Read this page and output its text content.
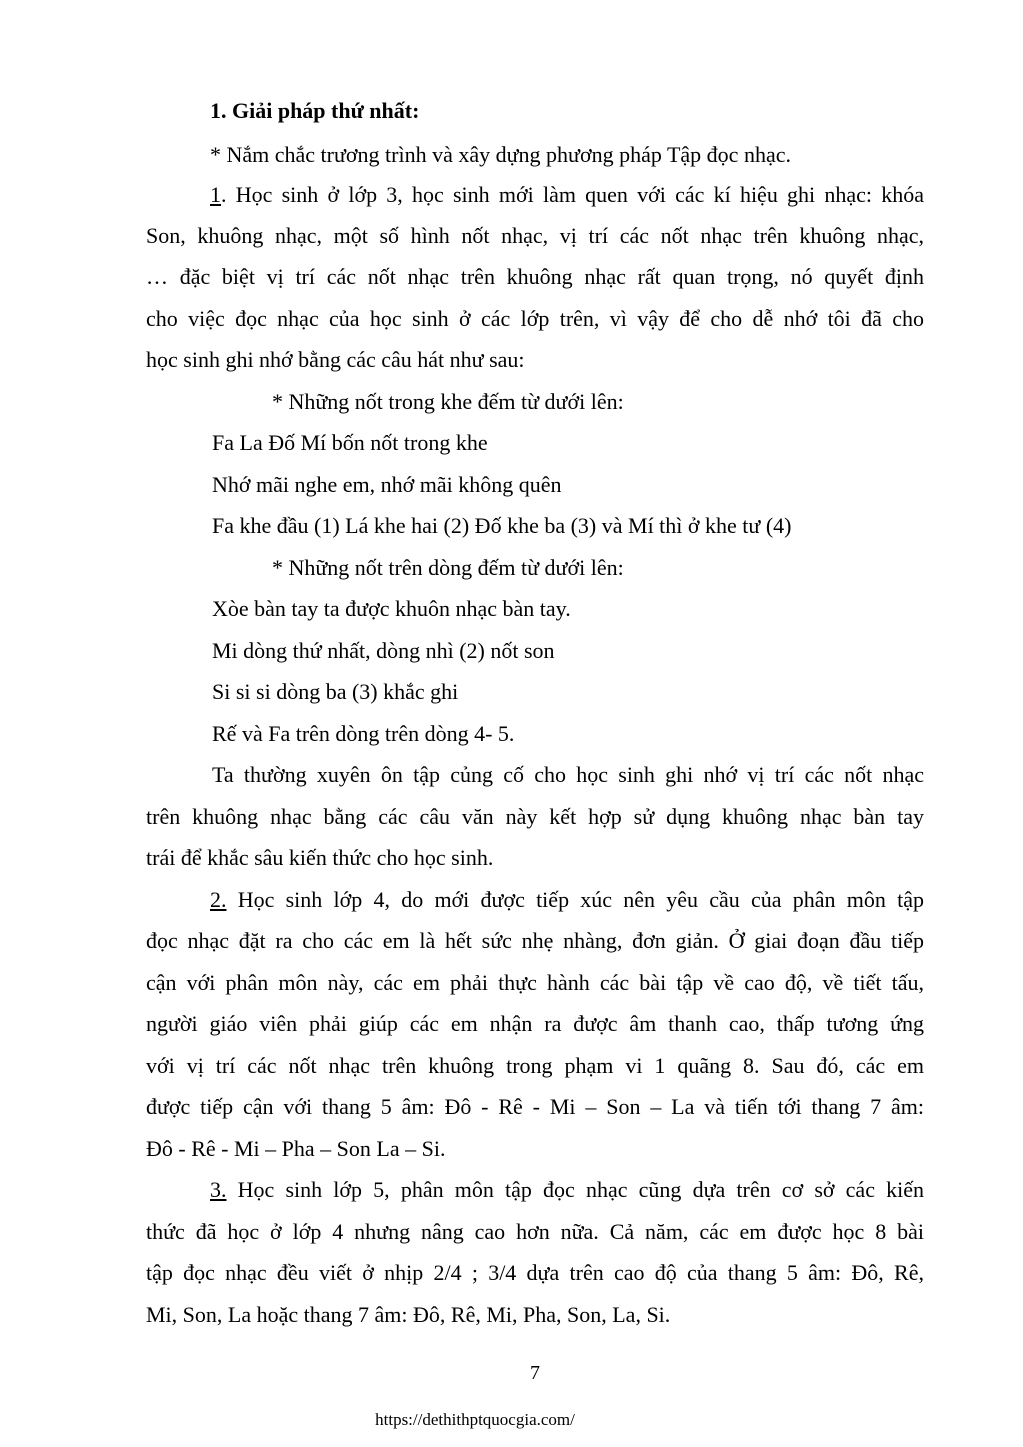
1. Giải pháp thứ nhất:
* Nắm chắc trương trình và xây dựng phương pháp Tập đọc nhạc.
1. Học sinh ở lớp 3, học sinh mới làm quen với các kí hiệu ghi nhạc: khóa
Son, khuông nhạc, một số hình nốt nhạc, vị trí các nốt nhạc trên khuông nhạc,
… đặc biệt vị trí các nốt nhạc trên khuông nhạc rất quan trọng, nó quyết định
cho việc đọc nhạc của học sinh ở các lớp trên, vì vậy để cho dễ nhớ tôi đã cho
học sinh ghi nhớ bằng các câu hát như sau:
* Những nốt trong khe đếm từ dưới lên:
Fa La Đố Mí bốn nốt trong khe
Nhớ mãi nghe em, nhớ mãi không quên
Fa khe đầu (1) Lá khe hai (2) Đố khe ba (3) và Mí thì ở khe tư (4)
* Những nốt trên dòng đếm từ dưới lên:
Xòe bàn tay ta được khuôn nhạc bàn tay.
Mi dòng thứ nhất, dòng nhì (2) nốt son
Si si si dòng ba (3) khắc ghi
Rế và Fa trên dòng trên dòng 4- 5.
Ta thường xuyên ôn tập củng cố cho học sinh ghi nhớ vị trí các nốt nhạc
trên khuông nhạc bằng các câu văn này kết hợp sử dụng khuông nhạc bàn tay
trái để khắc sâu kiến thức cho học sinh.
2. Học sinh lớp 4, do mới được tiếp xúc nên yêu cầu của phân môn tập
đọc nhạc đặt ra cho các em là hết sức nhẹ nhàng, đơn giản. Ở giai đoạn đầu tiếp
cận với phân môn này, các em phải thực hành các bài tập về cao độ, về tiết tấu,
người giáo viên phải giúp các em nhận ra được âm thanh cao, thấp tương ứng
với vị trí các nốt nhạc trên khuông trong phạm vi 1 quãng 8. Sau đó, các em
được tiếp cận với thang 5 âm: Đô - Rê - Mi – Son – La và tiến tới thang 7 âm:
Đô - Rê - Mi – Pha – Son La – Si.
3. Học sinh lớp 5, phân môn tập đọc nhạc cũng dựa trên cơ sở các kiến
thức đã học ở lớp 4 nhưng nâng cao hơn nữa. Cả năm, các em được học 8 bài
tập đọc nhạc đều viết ở nhịp 2/4 ; 3/4 dựa trên cao độ của thang 5 âm: Đô, Rê,
Mi, Son, La hoặc thang 7 âm: Đô, Rê, Mi, Pha, Son, La, Si.
7
https://dethithptquocgia.com/
